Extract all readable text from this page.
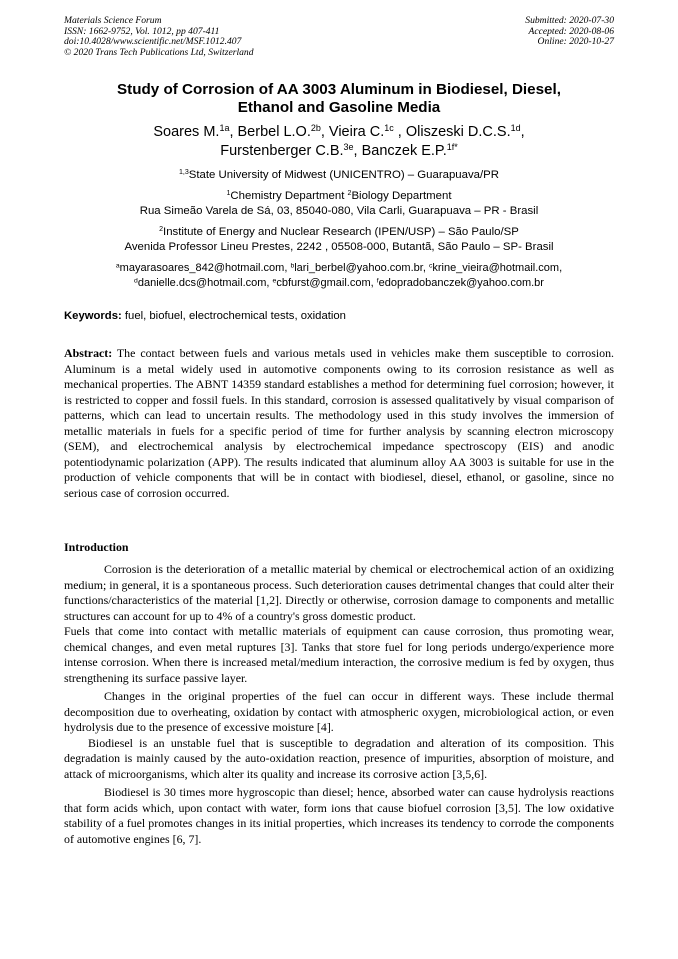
Materials Science Forum
ISSN: 1662-9752, Vol. 1012, pp 407-411
doi:10.4028/www.scientific.net/MSF.1012.407
© 2020 Trans Tech Publications Ltd, Switzerland
Submitted: 2020-07-30
Accepted: 2020-08-06
Online: 2020-10-27
Study of Corrosion of AA 3003 Aluminum in Biodiesel, Diesel,
Ethanol and Gasoline Media
Soares M.$^{1a}$, Berbel L.O.$^{2b}$, Vieira C.$^{1c}$ , Oliszeski D.C.S.$^{1d}$,
Furstenberger C.B.$^{3e}$, Banczek E.P.$^{1f*}$
$^{1,3}$State University of Midwest (UNICENTRO) – Guarapuava/PR
$^1$Chemistry Department $^2$Biology Department
Rua Simeão Varela de Sá, 03, 85040-080, Vila Carli, Guarapuava – PR - Brasil
$^2$Institute of Energy and Nuclear Research (IPEN/USP) – São Paulo/SP
Avenida Professor Lineu Prestes, 2242 , 05508-000, Butantã, São Paulo – SP- Brasil
$^a$mayarasoares_842@hotmail.com, $^b$lari_berbel@yahoo.com.br, $^c$krine_vieira@hotmail.com,
$^d$danielle.dcs@hotmail.com, $^e$cbfurst@gmail.com, $^f$edopradobanczek@yahoo.com.br
Keywords: fuel, biofuel, electrochemical tests, oxidation
Abstract: The contact between fuels and various metals used in vehicles make them susceptible to corrosion. Aluminum is a metal widely used in automotive components owing to its corrosion resistance as well as mechanical properties. The ABNT 14359 standard establishes a method for determining fuel corrosion; however, it is restricted to copper and fossil fuels. In this standard, corrosion is assessed qualitatively by visual comparison of patterns, which can lead to uncertain results. The methodology used in this study involves the immersion of metallic materials in fuels for a specific period of time for further analysis by scanning electron microscopy (SEM), and electrochemical analysis by electrochemical impedance spectroscopy (EIS) and anodic potentiodynamic polarization (APP). The results indicated that aluminum alloy AA 3003 is suitable for use in the production of vehicle components that will be in contact with biodiesel, diesel, ethanol, or gasoline, since no serious case of corrosion occurred.
Introduction

Corrosion is the deterioration of a metallic material by chemical or electrochemical action of an oxidizing medium; in general, it is a spontaneous process. Such deterioration causes detrimental changes that could alter their functions/characteristics of the material [1,2]. Directly or otherwise, corrosion damage to components and metallic structures can account for up to 4% of a country's gross domestic product.

Fuels that come into contact with metallic materials of equipment can cause corrosion, thus promoting wear, chemical changes, and even metal ruptures [3]. Tanks that store fuel for long periods undergo/experience more intense corrosion. When there is increased metal/medium interaction, the corrosive medium is fed by oxygen, thus strengthening its surface passive layer.

Changes in the original properties of the fuel can occur in different ways. These include thermal decomposition due to overheating, oxidation by contact with atmospheric oxygen, microbiological action, or even hydrolysis due to the presence of excessive moisture [4].

Biodiesel is an unstable fuel that is susceptible to degradation and alteration of its composition. This degradation is mainly caused by the auto-oxidation reaction, presence of impurities, absorption of moisture, and attack of microorganisms, which alter its quality and increase its corrosive action [3,5,6].

Biodiesel is 30 times more hygroscopic than diesel; hence, absorbed water can cause hydrolysis reactions that form acids which, upon contact with water, form ions that cause biofuel corrosion [3,5]. The low oxidative stability of a fuel promotes changes in its initial properties, which increases its tendency to corrode the components of automotive engines [6, 7].
